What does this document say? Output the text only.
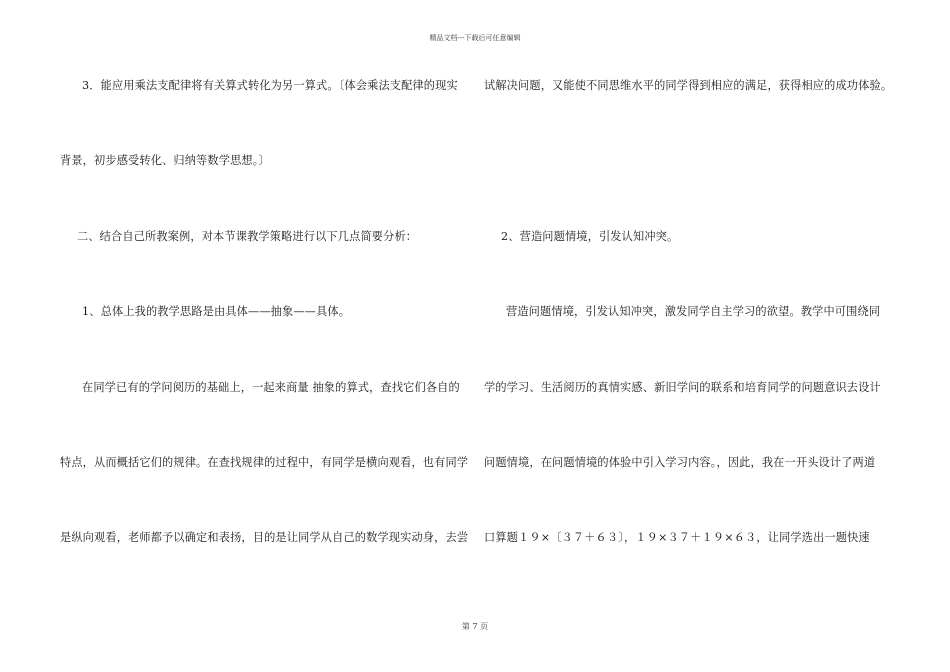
精品文档---下载后可任意编辑
3．能应用乘法支配律将有关算式转化为另一算式。〔体会乘法支配律的现实
背景，初步感受转化、归纳等数学思想。〕
二、结合自己所教案例，对本节课教学策略进行以下几点简要分析：
1、总体上我的教学思路是由具体——抽象——具体。
在同学已有的学问阅历的基础上，一起来商量 抽象的算式，查找它们各自的
特点，从而概括它们的规律。在查找规律的过程中，有同学是横向观看，也有同学
是纵向观看，老师都予以确定和表扬，目的是让同学从自己的数学现实动身，去尝
试解决问题，又能使不同思维水平的同学得到相应的满足，获得相应的成功体验。
2、营造问题情境，引发认知冲突。
营造问题情境，引发认知冲突，激发同学自主学习的欲望。教学中可围绕同
学的学习、生活阅历的真情实感、新旧学问的联系和培育同学的问题意识去设计
问题情境，在问题情境的体验中引入学习内容。，因此，我在一开头设计了两道
口算题１９×〔３７＋６３〕，１９×３７＋１９×６３，让同学选出一题快速
第 7 页
